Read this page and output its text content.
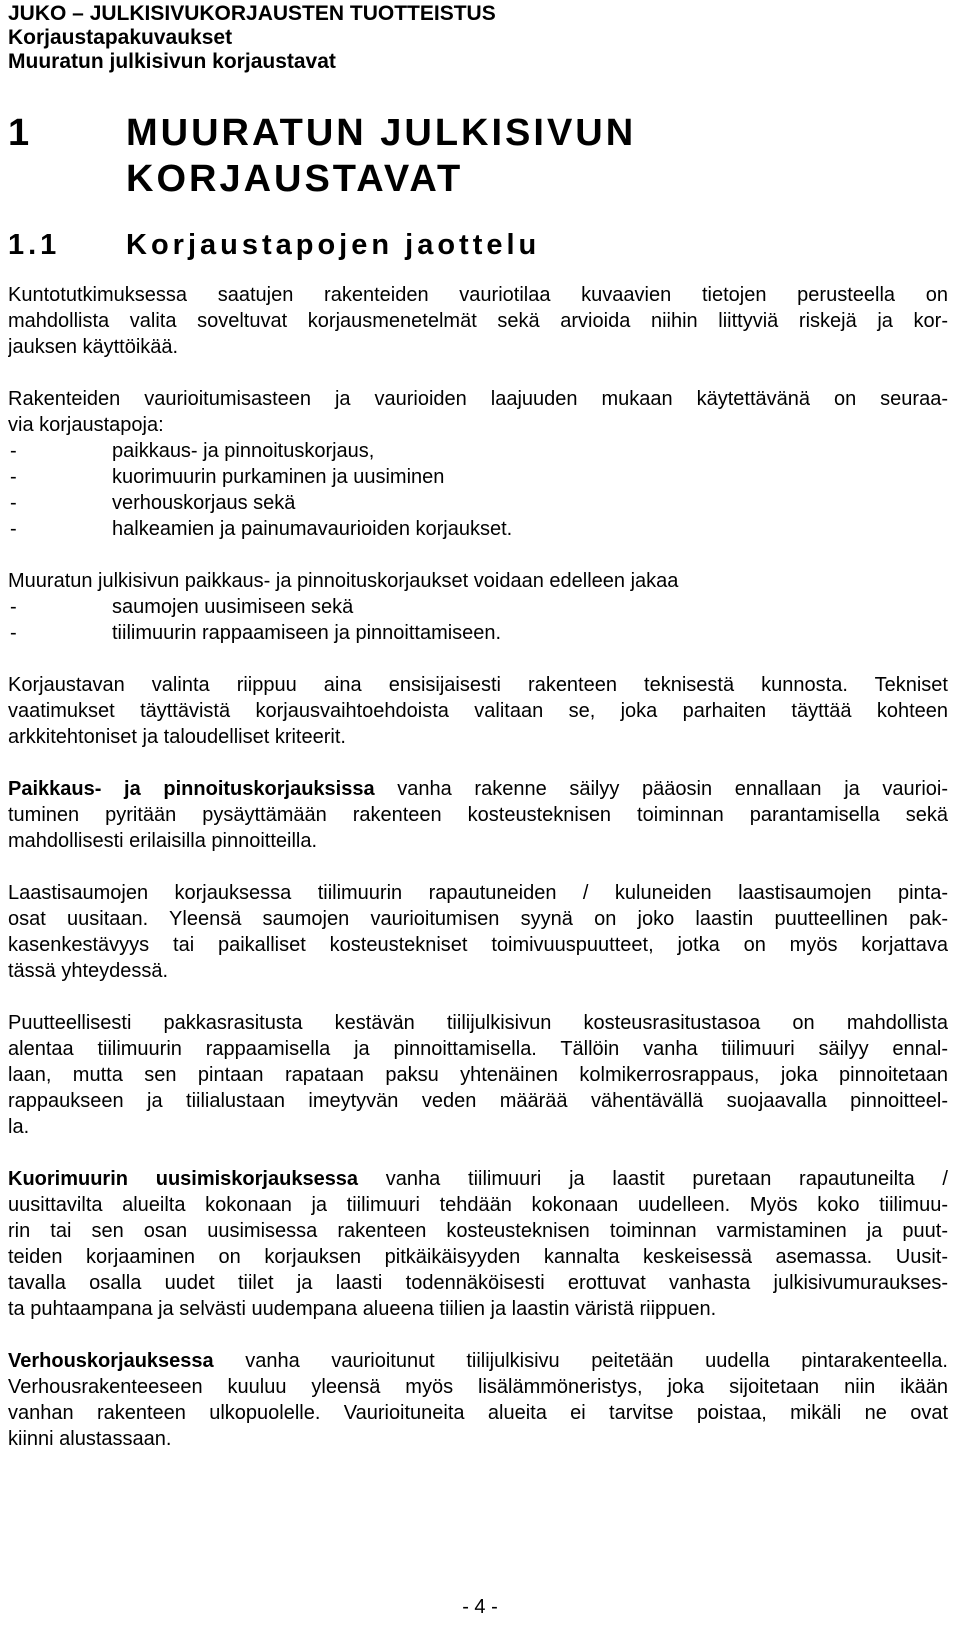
JUKO – JULKISIVUKORJAUSTEN TUOTTEISTUS
Korjaustapakuvaukset
Muuratun julkisivun korjaustavat
1	MUURATUN JULKISIVUN
KORJAUSTAVAT
1.1	Korjaustapojen jaottelu

Kuntotutkimuksessa saatujen rakenteiden vauriotilaa kuvaavien tietojen perusteella on
mahdollista valita soveltuvat korjausmenetelmät sekä arvioida niihin liittyviä riskejä ja kor-
jauksen käyttöikää.

Rakenteiden vaurioitumisasteen ja vaurioiden laajuuden mukaan käytettävänä on seuraa-
via korjaustapoja:

-	paikkaus- ja pinnoituskorjaus,
-	kuorimuurin purkaminen ja uusiminen
-	verhouskorjaus sekä
-	halkeamien ja painumavaurioiden korjaukset.

Muuratun julkisivun paikkaus- ja pinnoituskorjaukset voidaan edelleen jakaa

-	saumojen uusimiseen sekä
-	tiilimuurin rappaamiseen ja pinnoittamiseen.

Korjaustavan valinta riippuu aina ensisijaisesti rakenteen teknisestä kunnosta. Tekniset
vaatimukset täyttävistä korjausvaihtoehdoista valitaan se, joka parhaiten täyttää kohteen
arkkitehtoniset ja taloudelliset kriteerit.

Paikkaus- ja pinnoituskorjauksissa vanha rakenne säilyy pääosin ennallaan ja vaurioi-
tuminen pyritään pysäyttämään rakenteen kosteusteknisen toiminnan parantamisella sekä
mahdollisesti erilaisilla pinnoitteilla.

Laastisaumojen korjauksessa tiilimuurin rapautuneiden / kuluneiden laastisaumojen pinta-
osat uusitaan. Yleensä saumojen vaurioitumisen syynä on joko laastin puutteellinen pak-
kasenkestävyys tai paikalliset kosteustekniset toimivuuspuutteet, jotka on myös korjattava
tässä yhteydessä.

Puutteellisesti pakkasrasitusta kestävän tiilijulkisivun kosteusrasitustasoa on mahdollista
alentaa tiilimuurin rappaamisella ja pinnoittamisella. Tällöin vanha tiilimuuri säilyy ennal-
laan, mutta sen pintaan rapataan paksu yhtenäinen kolmikerrosrappaus, joka pinnoitetaan
rappaukseen ja tiilialustaan imeytyvän veden määrää vähentävällä suojaavalla pinnoitteel-
la.

Kuorimuurin uusimiskorjauksessa vanha tiilimuuri ja laastit puretaan rapautuneilta /
uusittavilta alueilta kokonaan ja tiilimuuri tehdään kokonaan uudelleen. Myös koko tiilimuu-
rin tai sen osan uusimisessa rakenteen kosteusteknisen toiminnan varmistaminen ja puut-
teiden korjaaminen on korjauksen pitkäikäisyyden kannalta keskeisessä asemassa. Uusit-
tavalla osalla uudet tiilet ja laasti todennäköisesti erottuvat vanhasta julkisivumuraukses-
ta puhtaampana ja selvästi uudempana alueena tiilien ja laastin väristä riippuen.

Verhouskorjauksessa vanha vaurioitunut tiilijulkisivu peitetään uudella pintarakenteella.
Verhousrakenteeseen kuuluu yleensä myös lisälämmöneristys, joka sijoitetaan niin ikään
vanhan rakenteen ulkopuolelle. Vaurioituneita alueita ei tarvitse poistaa, mikäli ne ovat
kiinni alustassaan.

- 4 -
